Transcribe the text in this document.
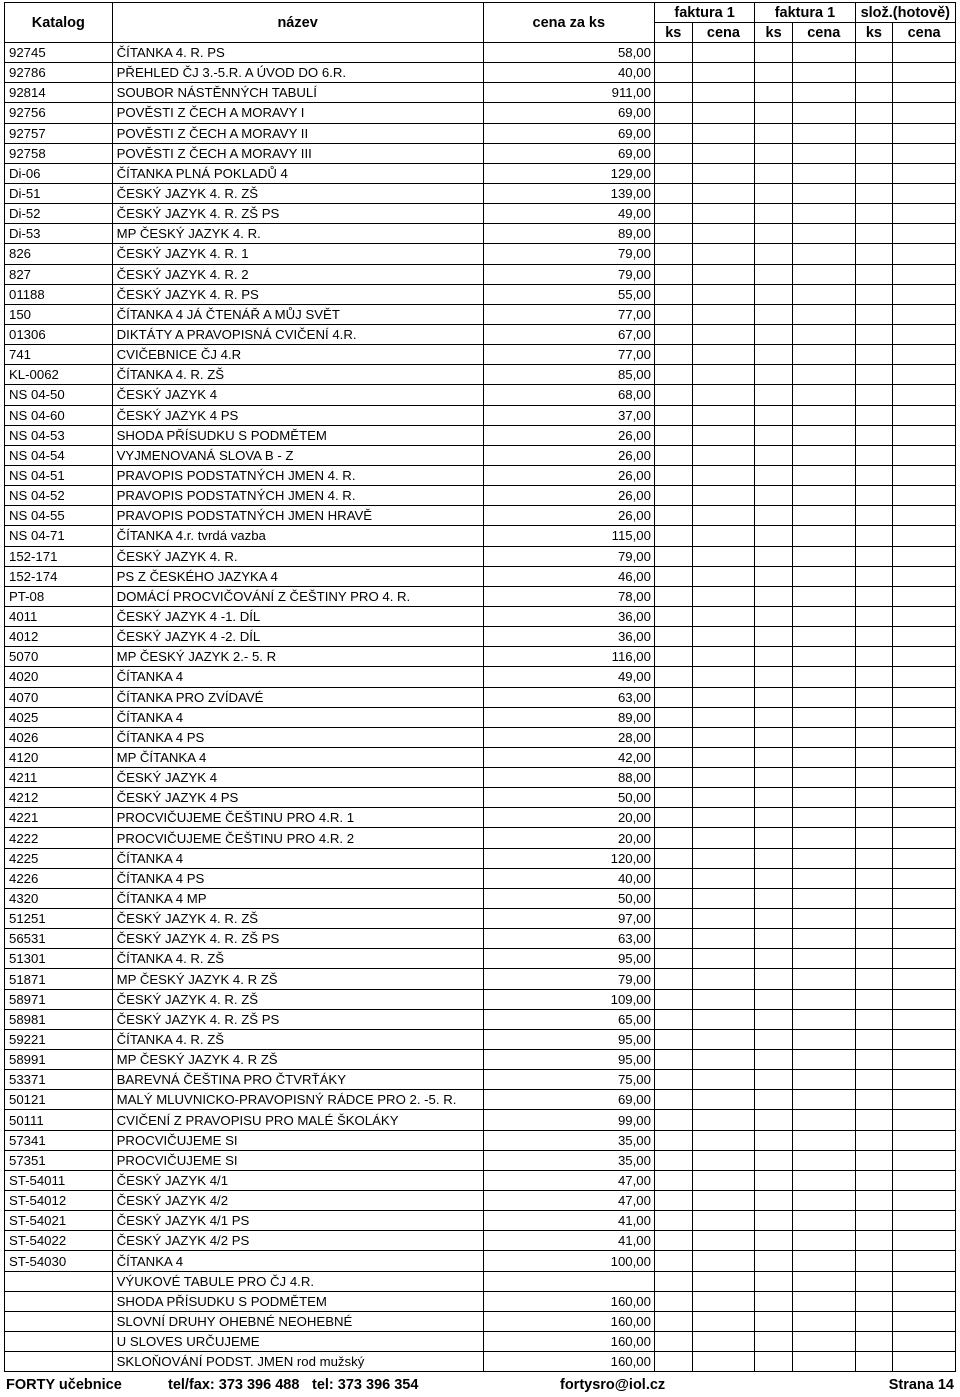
Katalog	název	cena za ks	faktura 1		faktura 1		slož.(hotově)	
			ks	cena	ks	cena	ks	cena
92745	ČÍTANKA 4. R. PS	58,00						
92786	PŘEHLED ČJ 3.-5.R. A ÚVOD DO 6.R.	40,00						
92814	SOUBOR NÁSTĚNNÝCH TABULÍ	911,00						
92756	POVĚSTI Z ČECH A MORAVY I	69,00						
92757	POVĚSTI Z ČECH A MORAVY II	69,00						
92758	POVĚSTI Z ČECH A MORAVY III	69,00						
Di-06	ČÍTANKA PLNÁ POKLADŮ 4	129,00						
Di-51	ČESKÝ JAZYK 4. R. ZŠ	139,00						
Di-52	ČESKÝ JAZYK 4. R. ZŠ PS	49,00						
Di-53	MP ČESKÝ JAZYK 4. R.	89,00						
826	ČESKÝ JAZYK 4. R. 1	79,00						
827	ČESKÝ JAZYK 4. R. 2	79,00						
01188	ČESKÝ JAZYK 4. R. PS	55,00						
150	ČÍTANKA 4 JÁ ČTENÁŘ A MŮJ SVĚT	77,00						
01306	DIKTÁTY A PRAVOPISNÁ CVIČENÍ 4.R.	67,00						
741	CVIČEBNICE ČJ 4.R	77,00						
KL-0062	ČÍTANKA 4. R. ZŠ	85,00						
NS 04-50	ČESKÝ JAZYK 4	68,00						
NS 04-60	ČESKÝ JAZYK 4 PS	37,00						
NS 04-53	SHODA PŘÍSUDKU S PODMĚTEM	26,00						
NS 04-54	VYJMENOVANÁ SLOVA B - Z	26,00						
NS 04-51	PRAVOPIS PODSTATNÝCH JMEN 4. R.	26,00						
NS 04-52	PRAVOPIS PODSTATNÝCH JMEN 4. R.	26,00						
NS 04-55	PRAVOPIS PODSTATNÝCH JMEN HRAVĚ	26,00						
NS 04-71	ČÍTANKA 4.r. tvrdá vazba	115,00						
152-171	ČESKÝ JAZYK 4. R.	79,00						
152-174	PS Z ČESKÉHO JAZYKA 4	46,00						
PT-08	DOMÁCÍ PROCVIČOVÁNÍ Z ČEŠTINY PRO 4. R.	78,00						
4011	ČESKÝ JAZYK 4 -1. DÍL	36,00						
4012	ČESKÝ JAZYK 4 -2. DÍL	36,00						
5070	MP ČESKÝ JAZYK 2.- 5. R	116,00						
4020	ČÍTANKA 4	49,00						
4070	ČÍTANKA PRO ZVÍDAVÉ	63,00						
4025	ČÍTANKA 4	89,00						
4026	ČÍTANKA 4 PS	28,00						
4120	MP ČÍTANKA 4	42,00						
4211	ČESKÝ JAZYK 4	88,00						
4212	ČESKÝ JAZYK 4 PS	50,00						
4221	PROCVIČUJEME ČEŠTINU PRO 4.R. 1	20,00						
4222	PROCVIČUJEME ČEŠTINU PRO 4.R. 2	20,00						
4225	ČÍTANKA 4	120,00						
4226	ČÍTANKA 4 PS	40,00						
4320	ČÍTANKA 4 MP	50,00						
51251	ČESKÝ JAZYK 4. R. ZŠ	97,00						
56531	ČESKÝ JAZYK 4. R. ZŠ PS	63,00						
51301	ČÍTANKA 4. R. ZŠ	95,00						
51871	MP ČESKÝ JAZYK 4. R ZŠ	79,00						
58971	ČESKÝ JAZYK 4. R. ZŠ	109,00						
58981	ČESKÝ JAZYK 4. R. ZŠ PS	65,00						
59221	ČÍTANKA 4. R. ZŠ	95,00						
58991	MP ČESKÝ JAZYK 4. R ZŠ	95,00						
53371	BAREVNÁ ČEŠTINA PRO ČTVRŤÁKY	75,00						
50121	MALÝ MLUVNICKO-PRAVOPISNÝ RÁDCE PRO 2. -5. R.	69,00						
50111	CVIČENÍ Z PRAVOPISU PRO MALÉ ŠKOLÁKY	99,00						
57341	PROCVIČUJEME SI	35,00						
57351	PROCVIČUJEME SI	35,00						
ST-54011	ČESKÝ JAZYK 4/1	47,00						
ST-54012	ČESKÝ JAZYK 4/2	47,00						
ST-54021	ČESKÝ JAZYK 4/1 PS	41,00						
ST-54022	ČESKÝ JAZYK 4/2 PS	41,00						
ST-54030	ČÍTANKA 4	100,00						
	VÝUKOVÉ TABULE PRO ČJ 4.R.							
	SHODA PŘÍSUDKU S PODMĚTEM	160,00						
	SLOVNÍ DRUHY OHEBNÉ NEOHEBNÉ	160,00						
	U SLOVES URČUJEME	160,00						
	SKLOŇOVÁNÍ PODST. JMEN rod mužský	160,00						
FORTY učebnice	tel/fax: 373 396 488 tel: 373 396 354	fortysro@iol.cz	Strana 14
